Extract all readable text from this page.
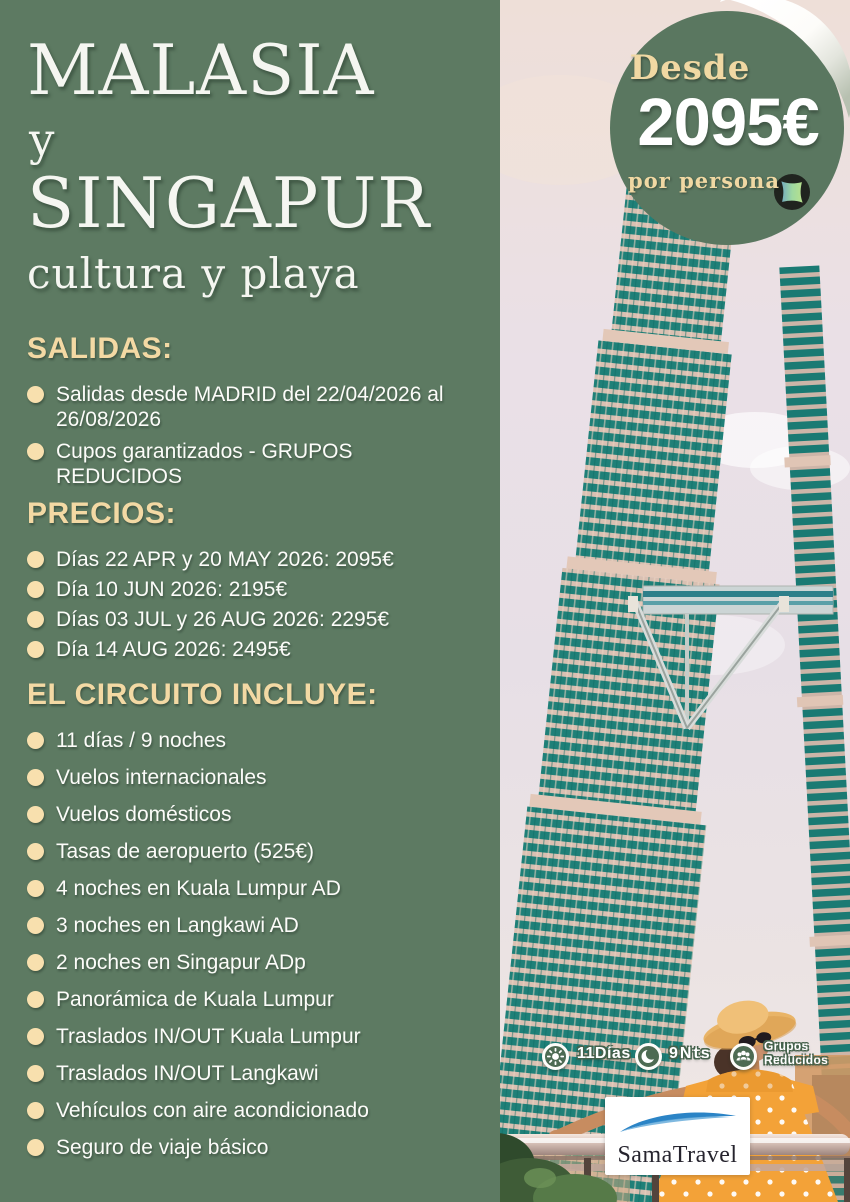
Desde
2095€
por persona
MALASIA
y
SINGAPUR
cultura y playa
SALIDAS:
Salidas desde MADRID del 22/04/2026 al 26/08/2026
Cupos garantizados - GRUPOS REDUCIDOS
PRECIOS:
Días 22 APR y 20 MAY 2026: 2095€
Día 10 JUN 2026: 2195€
Días 03 JUL y 26 AUG 2026: 2295€
Día 14 AUG 2026: 2495€
EL CIRCUITO INCLUYE:
11 días / 9 noches
Vuelos internacionales
Vuelos domésticos
Tasas de aeropuerto (525€)
4 noches en Kuala Lumpur AD
3 noches en Langkawi AD
2 noches en Singapur ADp
Panorámica de Kuala Lumpur
Traslados IN/OUT Kuala Lumpur
Traslados IN/OUT Langkawi
Vehículos con aire acondicionado
Seguro de viaje básico
11Días 9Nts	Grupos Reducidos
SamaTravel
